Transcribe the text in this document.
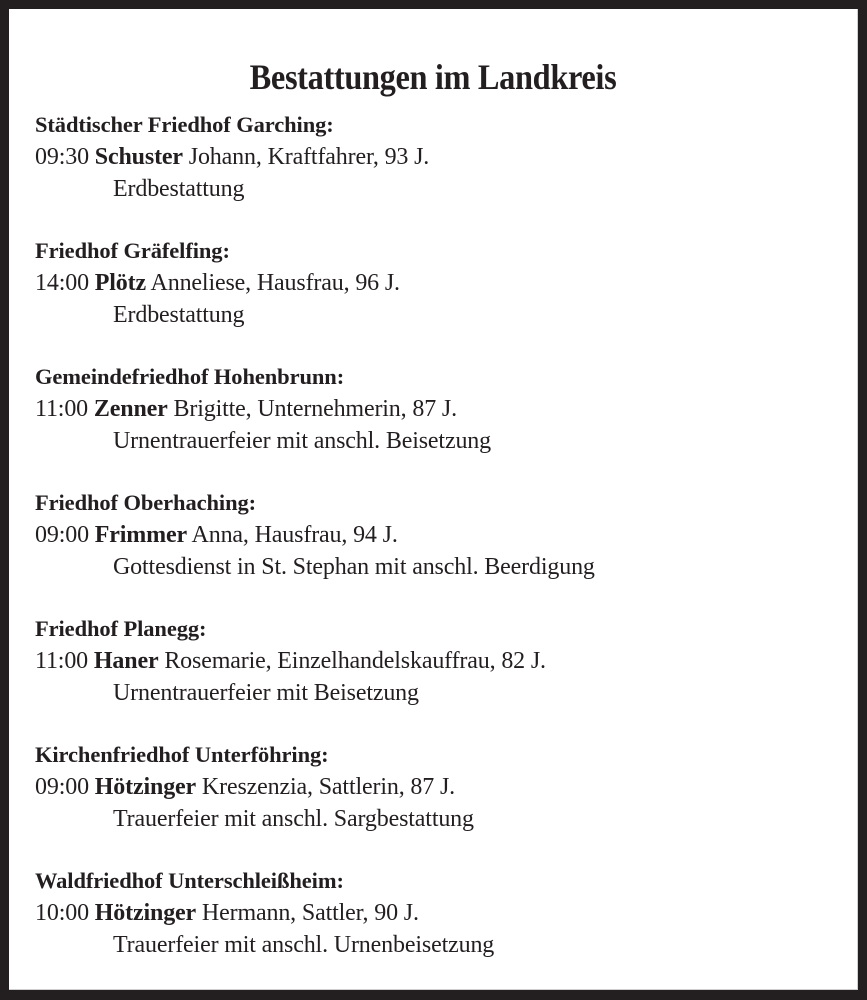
Bestattungen im Landkreis
Städtischer Friedhof Garching:
09:30 Schuster Johann, Kraftfahrer, 93 J.
Erdbestattung
Friedhof Gräfelfing:
14:00 Plötz Anneliese, Hausfrau, 96 J.
Erdbestattung
Gemeindefriedhof Hohenbrunn:
11:00 Zenner Brigitte, Unternehmerin, 87 J.
Urnentrauerfeier mit anschl. Beisetzung
Friedhof Oberhaching:
09:00 Frimmer Anna, Hausfrau, 94 J.
Gottesdienst in St. Stephan mit anschl. Beerdigung
Friedhof Planegg:
11:00 Haner Rosemarie, Einzelhandelskauffrau, 82 J.
Urnentrauerfeier mit Beisetzung
Kirchenfriedhof Unterföhring:
09:00 Hötzinger Kreszenzia, Sattlerin, 87 J.
Trauerfeier mit anschl. Sargbestattung
Waldfriedhof Unterschleißheim:
10:00 Hötzinger Hermann, Sattler, 90 J.
Trauerfeier mit anschl. Urnenbeisetzung
